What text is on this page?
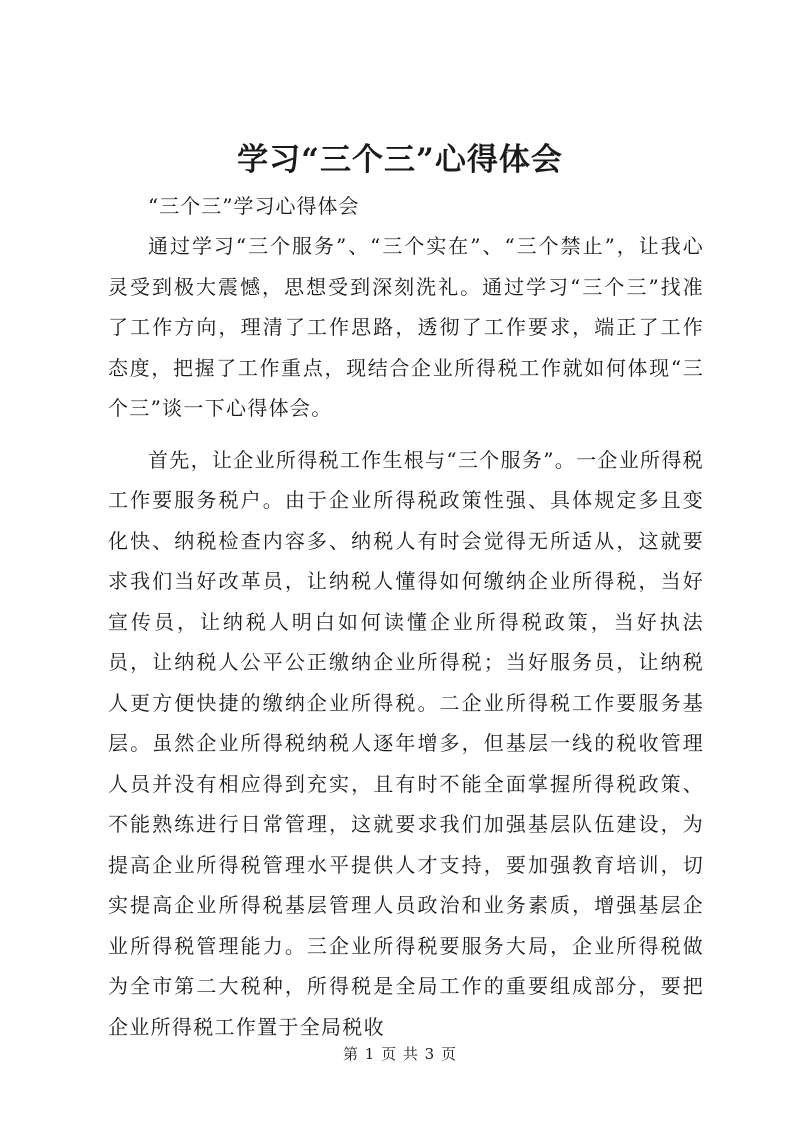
学习“三个三”心得体会

“三个三”学习心得体会

通过学习“三个服务”、“三个实在”、“三个禁止”，让我心灵受到极大震憾，思想受到深刻洗礼。通过学习“三个三”找准了工作方向，理清了工作思路，透彻了工作要求，端正了工作态度，把握了工作重点，现结合企业所得税工作就如何体现“三个三”谈一下心得体会。

首先，让企业所得税工作生根与“三个服务”。一企业所得税工作要服务税户。由于企业所得税政策性强、具体规定多且变化快、纳税检查内容多、纳税人有时会觉得无所适从，这就要求我们当好改革员，让纳税人懂得如何缴纳企业所得税，当好宣传员，让纳税人明白如何读懂企业所得税政策，当好执法员，让纳税人公平公正缴纳企业所得税；当好服务员，让纳税人更方便快捷的缴纳企业所得税。二企业所得税工作要服务基层。虽然企业所得税纳税人逐年增多，但基层一线的税收管理人员并没有相应得到充实，且有时不能全面掌握所得税政策、不能熟练进行日常管理，这就要求我们加强基层队伍建设，为提高企业所得税管理水平提供人才支持，要加强教育培训，切实提高企业所得税基层管理人员政治和业务素质，增强基层企业所得税管理能力。三企业所得税要服务大局，企业所得税做为全市第二大税种，所得税是全局工作的重要组成部分，要把企业所得税工作置于全局税收

第 1 页 共 3 页
